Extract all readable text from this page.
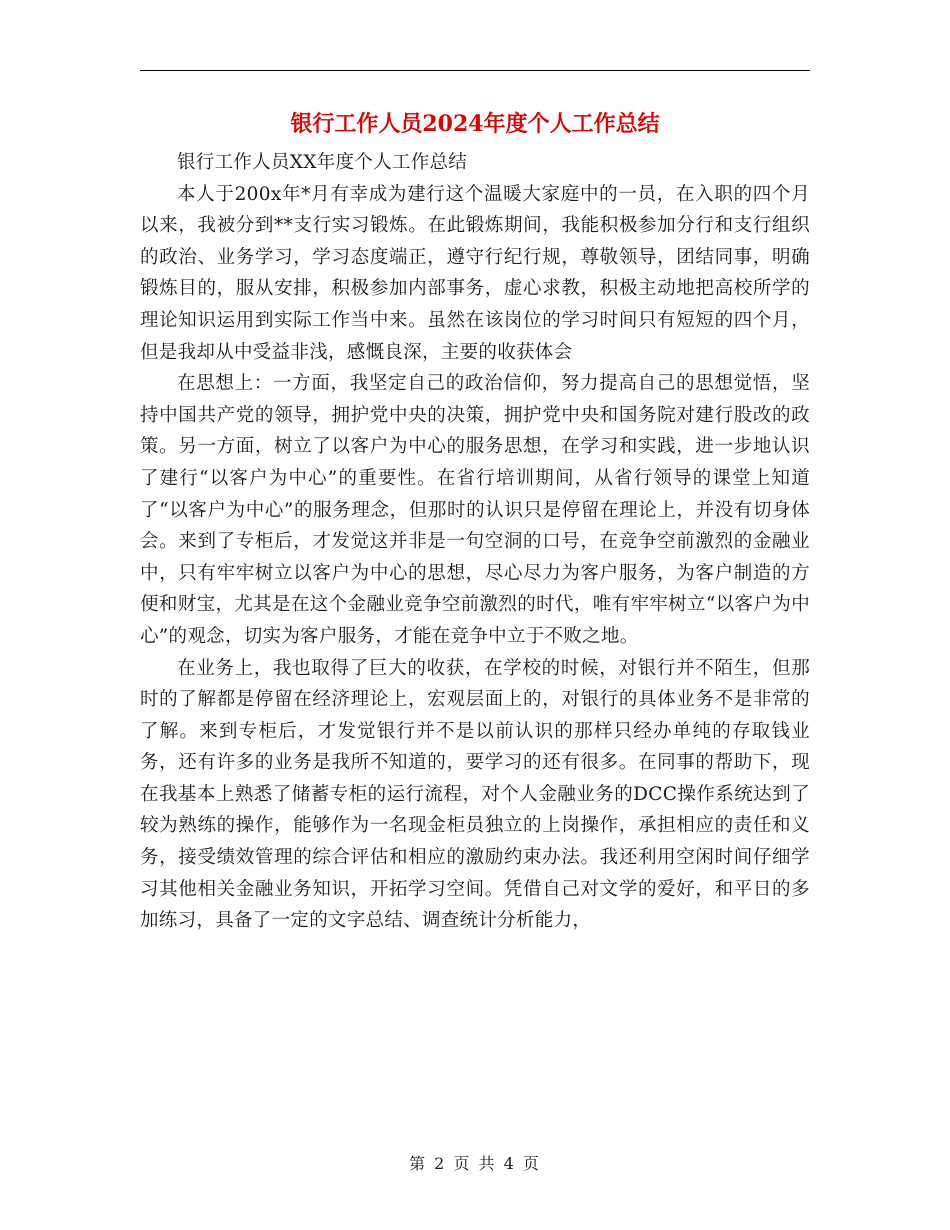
银行工作人员2024年度个人工作总结

银行工作人员XX年度个人工作总结

本人于200x年*月有幸成为建行这个温暖大家庭中的一员，在入职的四个月以来，我被分到**支行实习锻炼。在此锻炼期间，我能积极参加分行和支行组织的政治、业务学习，学习态度端正，遵守行纪行规，尊敬领导，团结同事，明确锻炼目的，服从安排，积极参加内部事务，虚心求教，积极主动地把高校所学的理论知识运用到实际工作当中来。虽然在该岗位的学习时间只有短短的四个月，但是我却从中受益非浅，感慨良深，主要的收获体会

在思想上：一方面，我坚定自己的政治信仰，努力提高自己的思想觉悟，坚持中国共产党的领导，拥护党中央的决策，拥护党中央和国务院对建行股改的政策。另一方面，树立了以客户为中心的服务思想，在学习和实践，进一步地认识了建行“以客户为中心”的重要性。在省行培训期间，从省行领导的课堂上知道了“以客户为中心”的服务理念，但那时的认识只是停留在理论上，并没有切身体会。来到了专柜后，才发觉这并非是一句空洞的口号，在竞争空前激烈的金融业中，只有牢牢树立以客户为中心的思想，尽心尽力为客户服务，为客户制造的方便和财宝，尤其是在这个金融业竞争空前激烈的时代，唯有牢牢树立“以客户为中心”的观念，切实为客户服务，才能在竞争中立于不败之地。

在业务上，我也取得了巨大的收获，在学校的时候，对银行并不陌生，但那时的了解都是停留在经济理论上，宏观层面上的，对银行的具体业务不是非常的了解。来到专柜后，才发觉银行并不是以前认识的那样只经办单纯的存取钱业务，还有许多的业务是我所不知道的，要学习的还有很多。在同事的帮助下，现在我基本上熟悉了储蓄专柜的运行流程，对个人金融业务的DCC操作系统达到了较为熟练的操作，能够作为一名现金柜员独立的上岗操作，承担相应的责任和义务，接受绩效管理的综合评估和相应的激励约束办法。我还利用空闲时间仔细学习其他相关金融业务知识，开拓学习空间。凭借自己对文学的爱好，和平日的多加练习，具备了一定的文字总结、调查统计分析能力，

第 2 页 共 4 页
